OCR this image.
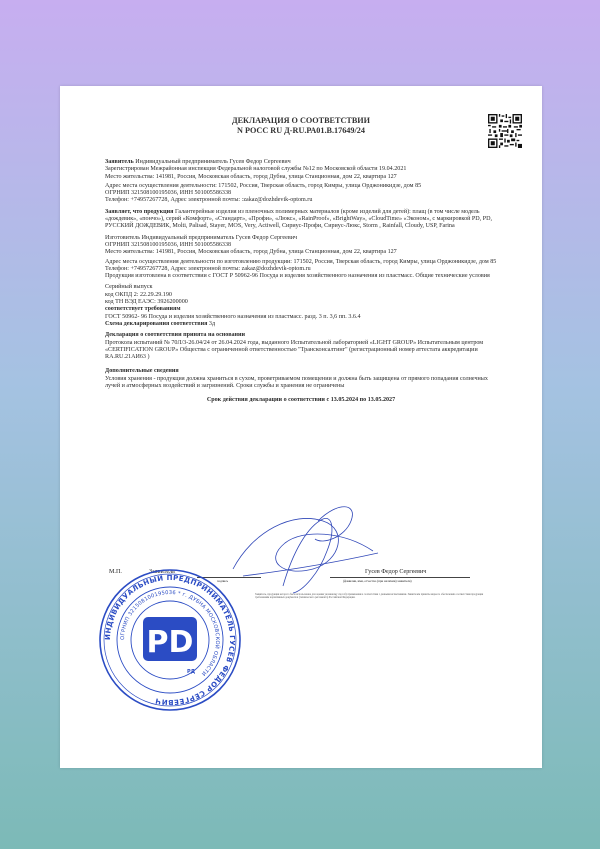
ДЕКЛАРАЦИЯ О СООТВЕТСТВИИ
N РОСС RU Д-RU.РА01.В.17649/24

Заявитель Индивидуальный предприниматель Гусев Федор Сергеевич

Зарегистрирован Межрайонная инспекция Федеральной налоговой службы №12 по Московской области 19.04.2021

Место жительства: 141981, Россия, Московская область, город Дубна, улица Станционная, дом 22, квартира 127

Адрес места осуществления деятельности: 171502, Россия, Тверская область, город Кимры, улица Орджоникидзе, дом 85

ОГРНИП 321508100195036, ИНН 501005586338

Телефон: +74957267728, Адрес электронной почты: :zakaz@dozhdevik-optom.ru

Заявляет, что продукция Галантерейные изделия из пленочных полимерных материалов (кроме изделий для детей): плащ (в том числе модель «дождевик», «пончо»), серий «Комфорт», «Стандарт», «Профи», «Люкс», «RainProof», «BrightWay», «CloudTime» «Эконом», с маркировкой PD, PD, РУССКИЙ ДОЖДЕВИК, Molti, Palisad, Stayer, MOS, Very, Actiwell, Сириус-Профи, Сириус-Люкс, Storm , Rainfall, Cloudy, USP, Farina

Изготовитель Индивидуальный предприниматель Гусев Федор Сергеевич

ОГРНИП 321508100195036, ИНН 501005586338

Место жительства: 141981, Россия, Московская область, город Дубна, улица Станционная, дом 22, квартира 127

Адрес места осуществления деятельности по изготовлению продукции: 171502, Россия, Тверская область, город Кимры, улица Орджоникидзе, дом 85

Телефон: +74957267728, Адрес электронной почты: zakaz@dozhdevik-optom.ru

Продукция изготовлена в соответствии с ГОСТ Р 50962-96 Посуда и изделия хозяйственного назначения из пластмасс. Общие технические условия

Серийный выпуск

код ОКПД 2: 22.29.29.190

код ТН ВЭД ЕАЭС: 3926200000

соответствует требованиям

ГОСТ 50962- 96 Посуда и изделия хозяйственного назначения из пластмасс. разд. 3 п. 3,6 пп. 3.6.4

Схема декларирования соответствия 3д

Декларация о соответствии принята на основании

Протокола испытаний № 70Л/3-26.04/24 от 26.04.2024 года, выданного Испытательной лабораторией «LIGHT GROUP» Испытательным центром «CERTIFICATION GROUP» Общества с ограниченной ответственностью "Трансконсалтинг" (регистрационный номер аттестата аккредитации RA.RU.21АИ63 )

Дополнительные сведения

Условия хранения - продукция должна храниться в сухом, проветриваемом помещении и должна быть защищена от прямого попадания солнечных лучей и атмосферных воздействий и загрязнений. Сроки службы и хранения не ограничены

Срок действия декларации о соответствии с 13.05.2024 по 13.05.2027

М.П.	Заявитель
подпись
Гусев Федор Сергеевич
(фамилия, имя, отчество (при наличии) заявителя)
Заявитель, продукция которого была использована для оценки указанному способу применения и соответствия с данными испытаниями. Заявителем приняты меры по обеспечению соответствия продукции требованиям нормативных документов (технического регламента) Российской Федерации.
ИНДИВИДУАЛЬНЫЙ ПРЕДПРИНИМАТЕЛЬ ГУСЕВ ФЕДОР СЕРГЕЕВИЧ
ОГРНИП 321508100195036 * г. ДУБНА МОСКОВСКОЙ ОБЛАСТИ
PD
РД
